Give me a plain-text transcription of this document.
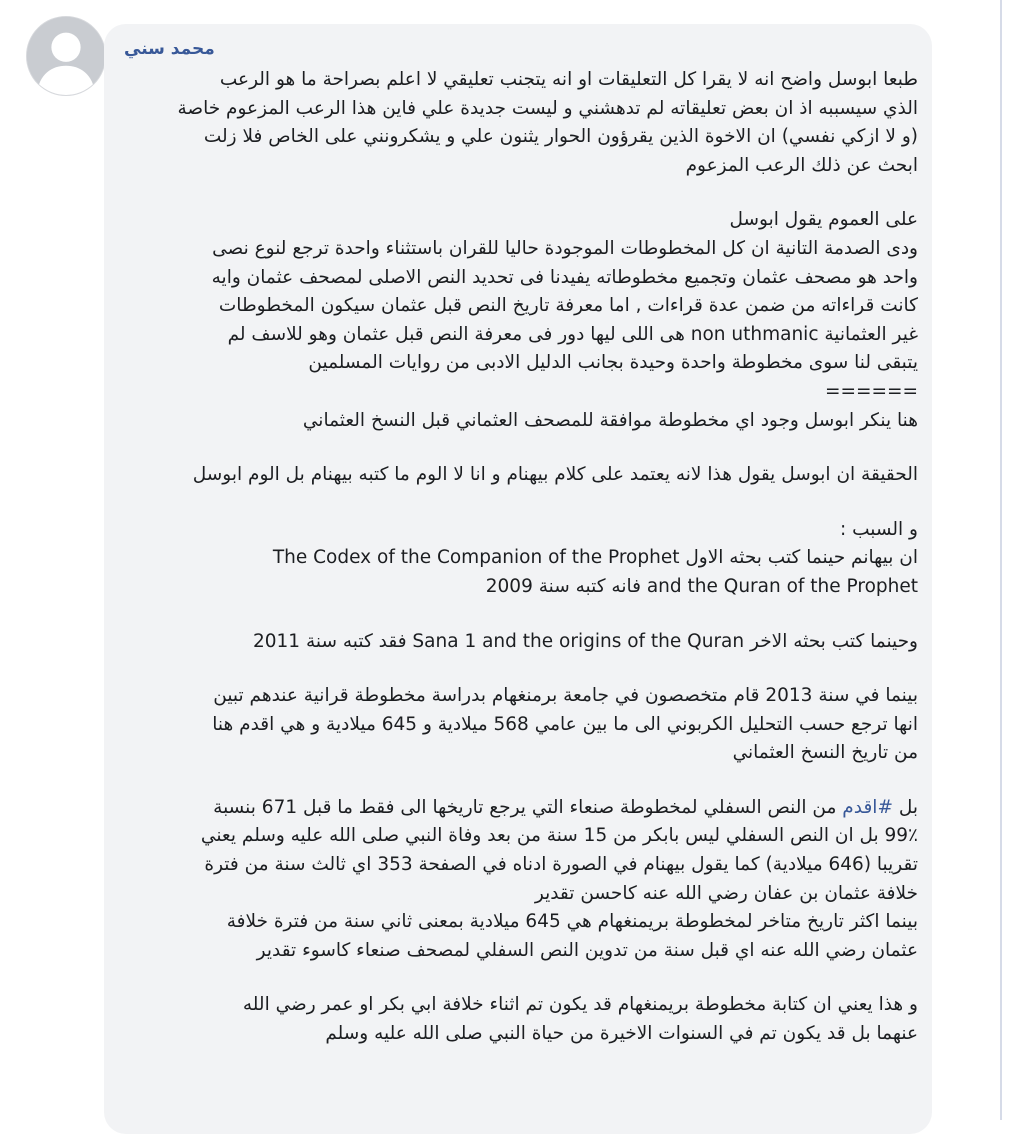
محمد سني

طبعا ابوسل واضح انه لا يقرا كل التعليقات او انه يتجنب تعليقي لا اعلم بصراحة ما هو الرعب
الذي سيسببه اذ ان بعض تعليقاته لم تدهشني و ليست جديدة علي فاين هذا الرعب المزعوم خاصة
(و لا ازكي نفسي) ان الاخوة الذين يقرؤون الحوار يثنون علي و يشكرونني على الخاص فلا زلت
ابحث عن ذلك الرعب المزعوم

على العموم يقول ابوسل
ودى الصدمة التانية ان كل المخطوطات الموجودة حاليا للقران باستثناء واحدة ترجع لنوع نصى
واحد هو مصحف عثمان وتجميع مخطوطاته يفيدنا فى تحديد النص الاصلى لمصحف عثمان وايه
كانت قراءاته من ضمن عدة قراءات , اما معرفة تاريخ النص قبل عثمان سيكون المخطوطات
غير العثمانية non uthmanic هى اللى ليها دور فى معرفة النص قبل عثمان وهو للاسف لم
يتبقى لنا سوى مخطوطة واحدة وحيدة بجانب الدليل الادبى من روايات المسلمين
======
هنا ينكر ابوسل وجود اي مخطوطة موافقة للمصحف العثماني قبل النسخ العثماني

الحقيقة ان ابوسل يقول هذا لانه يعتمد على كلام بيهنام و انا لا الوم ما كتبه بيهنام بل الوم ابوسل

و السبب :
ان بيهانم حينما كتب بحثه الاول The Codex of the Companion of the Prophet
and the Quran of the Prophet فانه كتبه سنة 2009

وحينما كتب بحثه الاخر Sana 1 and the origins of the Quran فقد كتبه سنة 2011

بينما في سنة 2013 قام متخصصون في جامعة برمنغهام بدراسة مخطوطة قرانية عندهم تبين
انها ترجع حسب التحليل الكربوني الى ما بين عامي 568 ميلادية و 645 ميلادية و هي اقدم هنا
من تاريخ النسخ العثماني

بل #اقدم من النص السفلي لمخطوطة صنعاء التي يرجع تاريخها الى فقط ما قبل 671 بنسبة
99٪ بل ان النص السفلي ليس بابكر من 15 سنة من بعد وفاة النبي صلى الله عليه وسلم يعني
تقريبا (646 ميلادية) كما يقول بيهنام في الصورة ادناه في الصفحة 353 اي ثالث سنة من فترة
خلافة عثمان بن عفان رضي الله عنه كاحسن تقدير
بينما اكثر تاريخ متاخر لمخطوطة بريمنغهام هي 645 ميلادية بمعنى ثاني سنة من فترة خلافة
عثمان رضي الله عنه اي قبل سنة من تدوين النص السفلي لمصحف صنعاء كاسوء تقدير

و هذا يعني ان كتابة مخطوطة بريمنغهام قد يكون تم اثناء خلافة ابي بكر او عمر رضي الله
عنهما بل قد يكون تم في السنوات الاخيرة من حياة النبي صلى الله عليه وسلم
